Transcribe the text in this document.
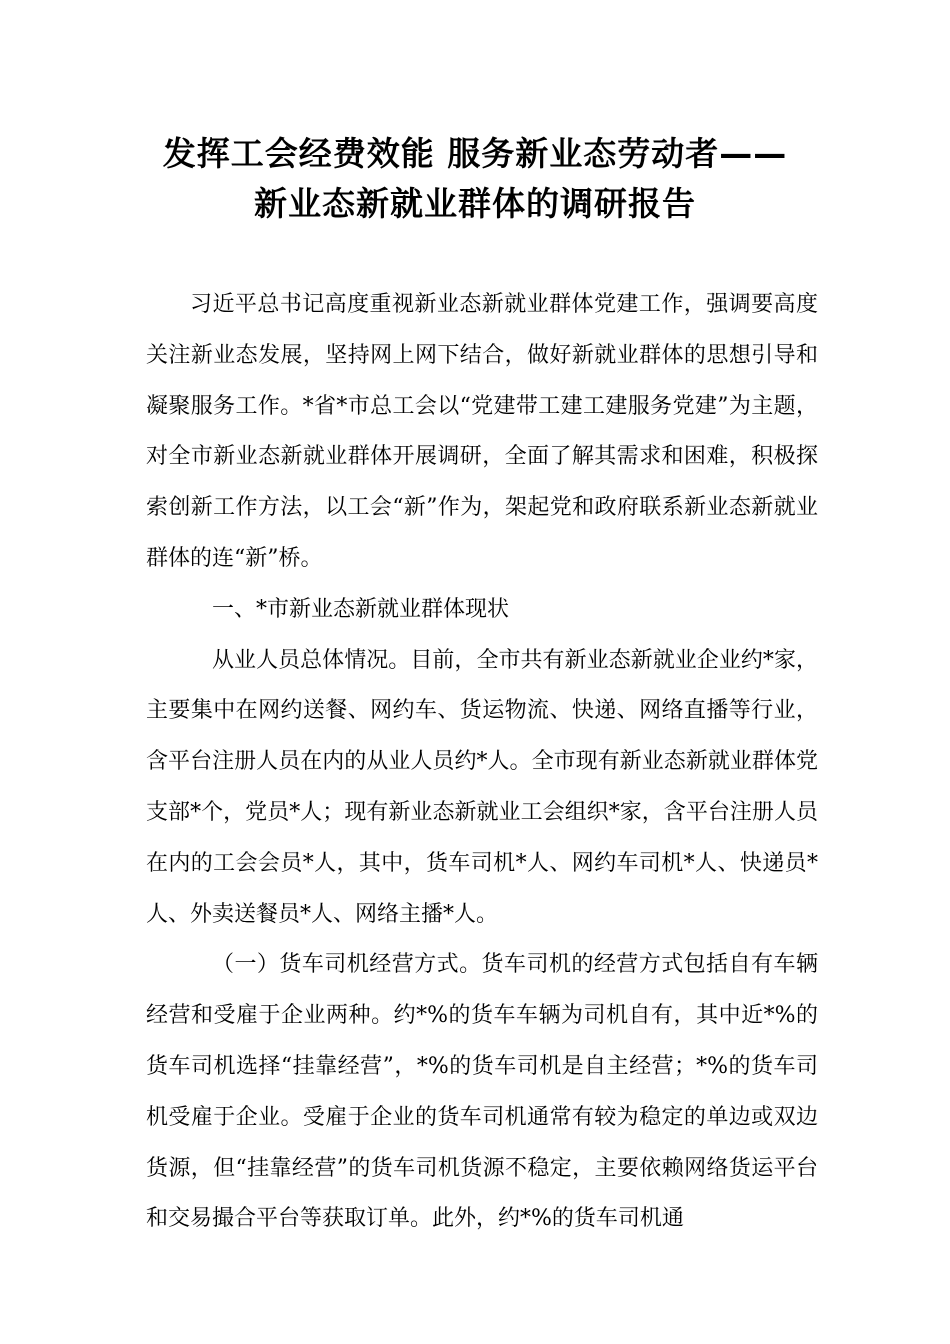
发挥工会经费效能 服务新业态劳动者——
新业态新就业群体的调研报告

习近平总书记高度重视新业态新就业群体党建工作，强调要高度关注新业态发展，坚持网上网下结合，做好新就业群体的思想引导和凝聚服务工作。*省*市总工会以“党建带工建工建服务党建”为主题，对全市新业态新就业群体开展调研，全面了解其需求和困难，积极探索创新工作方法，以工会“新”作为，架起党和政府联系新业态新就业群体的连“新”桥。

一、*市新业态新就业群体现状

从业人员总体情况。目前，全市共有新业态新就业企业约*家，主要集中在网约送餐、网约车、货运物流、快递、网络直播等行业，含平台注册人员在内的从业人员约*人。全市现有新业态新就业群体党支部*个，党员*人；现有新业态新就业工会组织*家，含平台注册人员在内的工会会员*人，其中，货车司机*人、网约车司机*人、快递员*人、外卖送餐员*人、网络主播*人。

（一）货车司机经营方式。货车司机的经营方式包括自有车辆经营和受雇于企业两种。约*%的货车车辆为司机自有，其中近*%的货车司机选择“挂靠经营”，*%的货车司机是自主经营；*%的货车司机受雇于企业。受雇于企业的货车司机通常有较为稳定的单边或双边货源，但“挂靠经营”的货车司机货源不稳定，主要依赖网络货运平台和交易撮合平台等获取订单。此外，约*%的货车司机通
